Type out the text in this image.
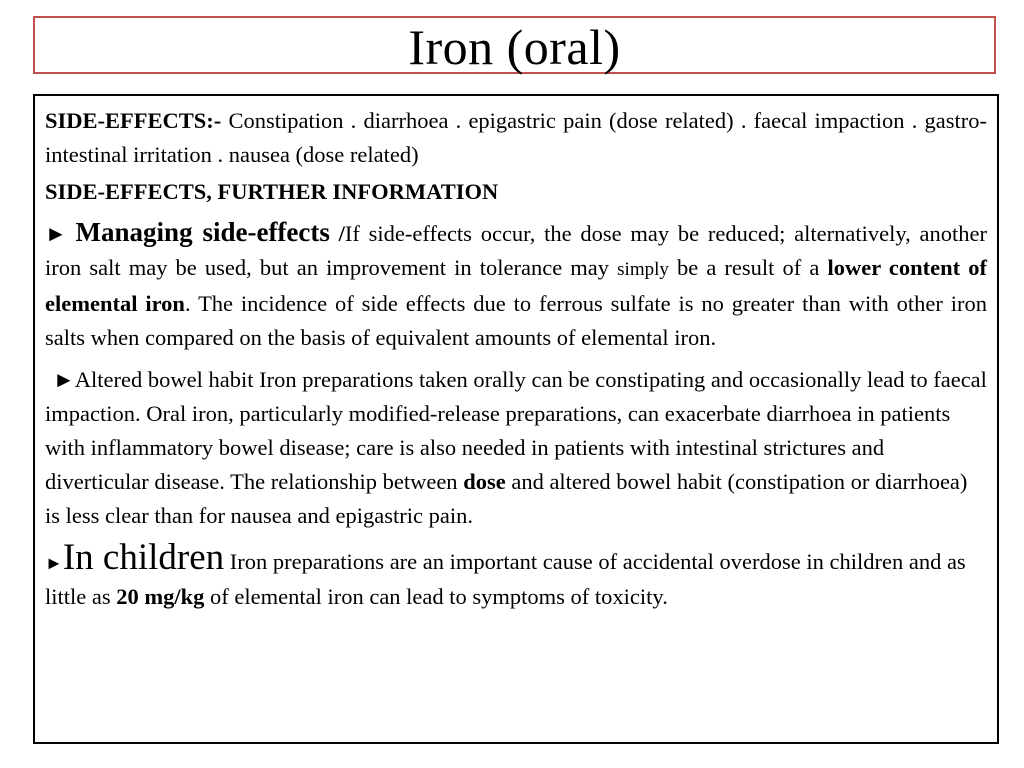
Iron (oral)

SIDE-EFFECTS:- Constipation . diarrhoea . epigastric pain (dose related) . faecal impaction . gastro-intestinal irritation . nausea (dose related)

SIDE-EFFECTS, FURTHER INFORMATION

► Managing side-effects /If side-effects occur, the dose may be reduced; alternatively, another iron salt may be used, but an improvement in tolerance may simply be a result of a lower content of elemental iron. The incidence of side effects due to ferrous sulfate is no greater than with other iron salts when compared on the basis of equivalent amounts of elemental iron.

►Altered bowel habit Iron preparations taken orally can be constipating and occasionally lead to faecal impaction. Oral iron, particularly modified-release preparations, can exacerbate diarrhoea in patients with inflammatory bowel disease; care is also needed in patients with intestinal strictures and diverticular disease. The relationship between dose and altered bowel habit (constipation or diarrhoea) is less clear than for nausea and epigastric pain.

►In children Iron preparations are an important cause of accidental overdose in children and as little as 20 mg/kg of elemental iron can lead to symptoms of toxicity.
